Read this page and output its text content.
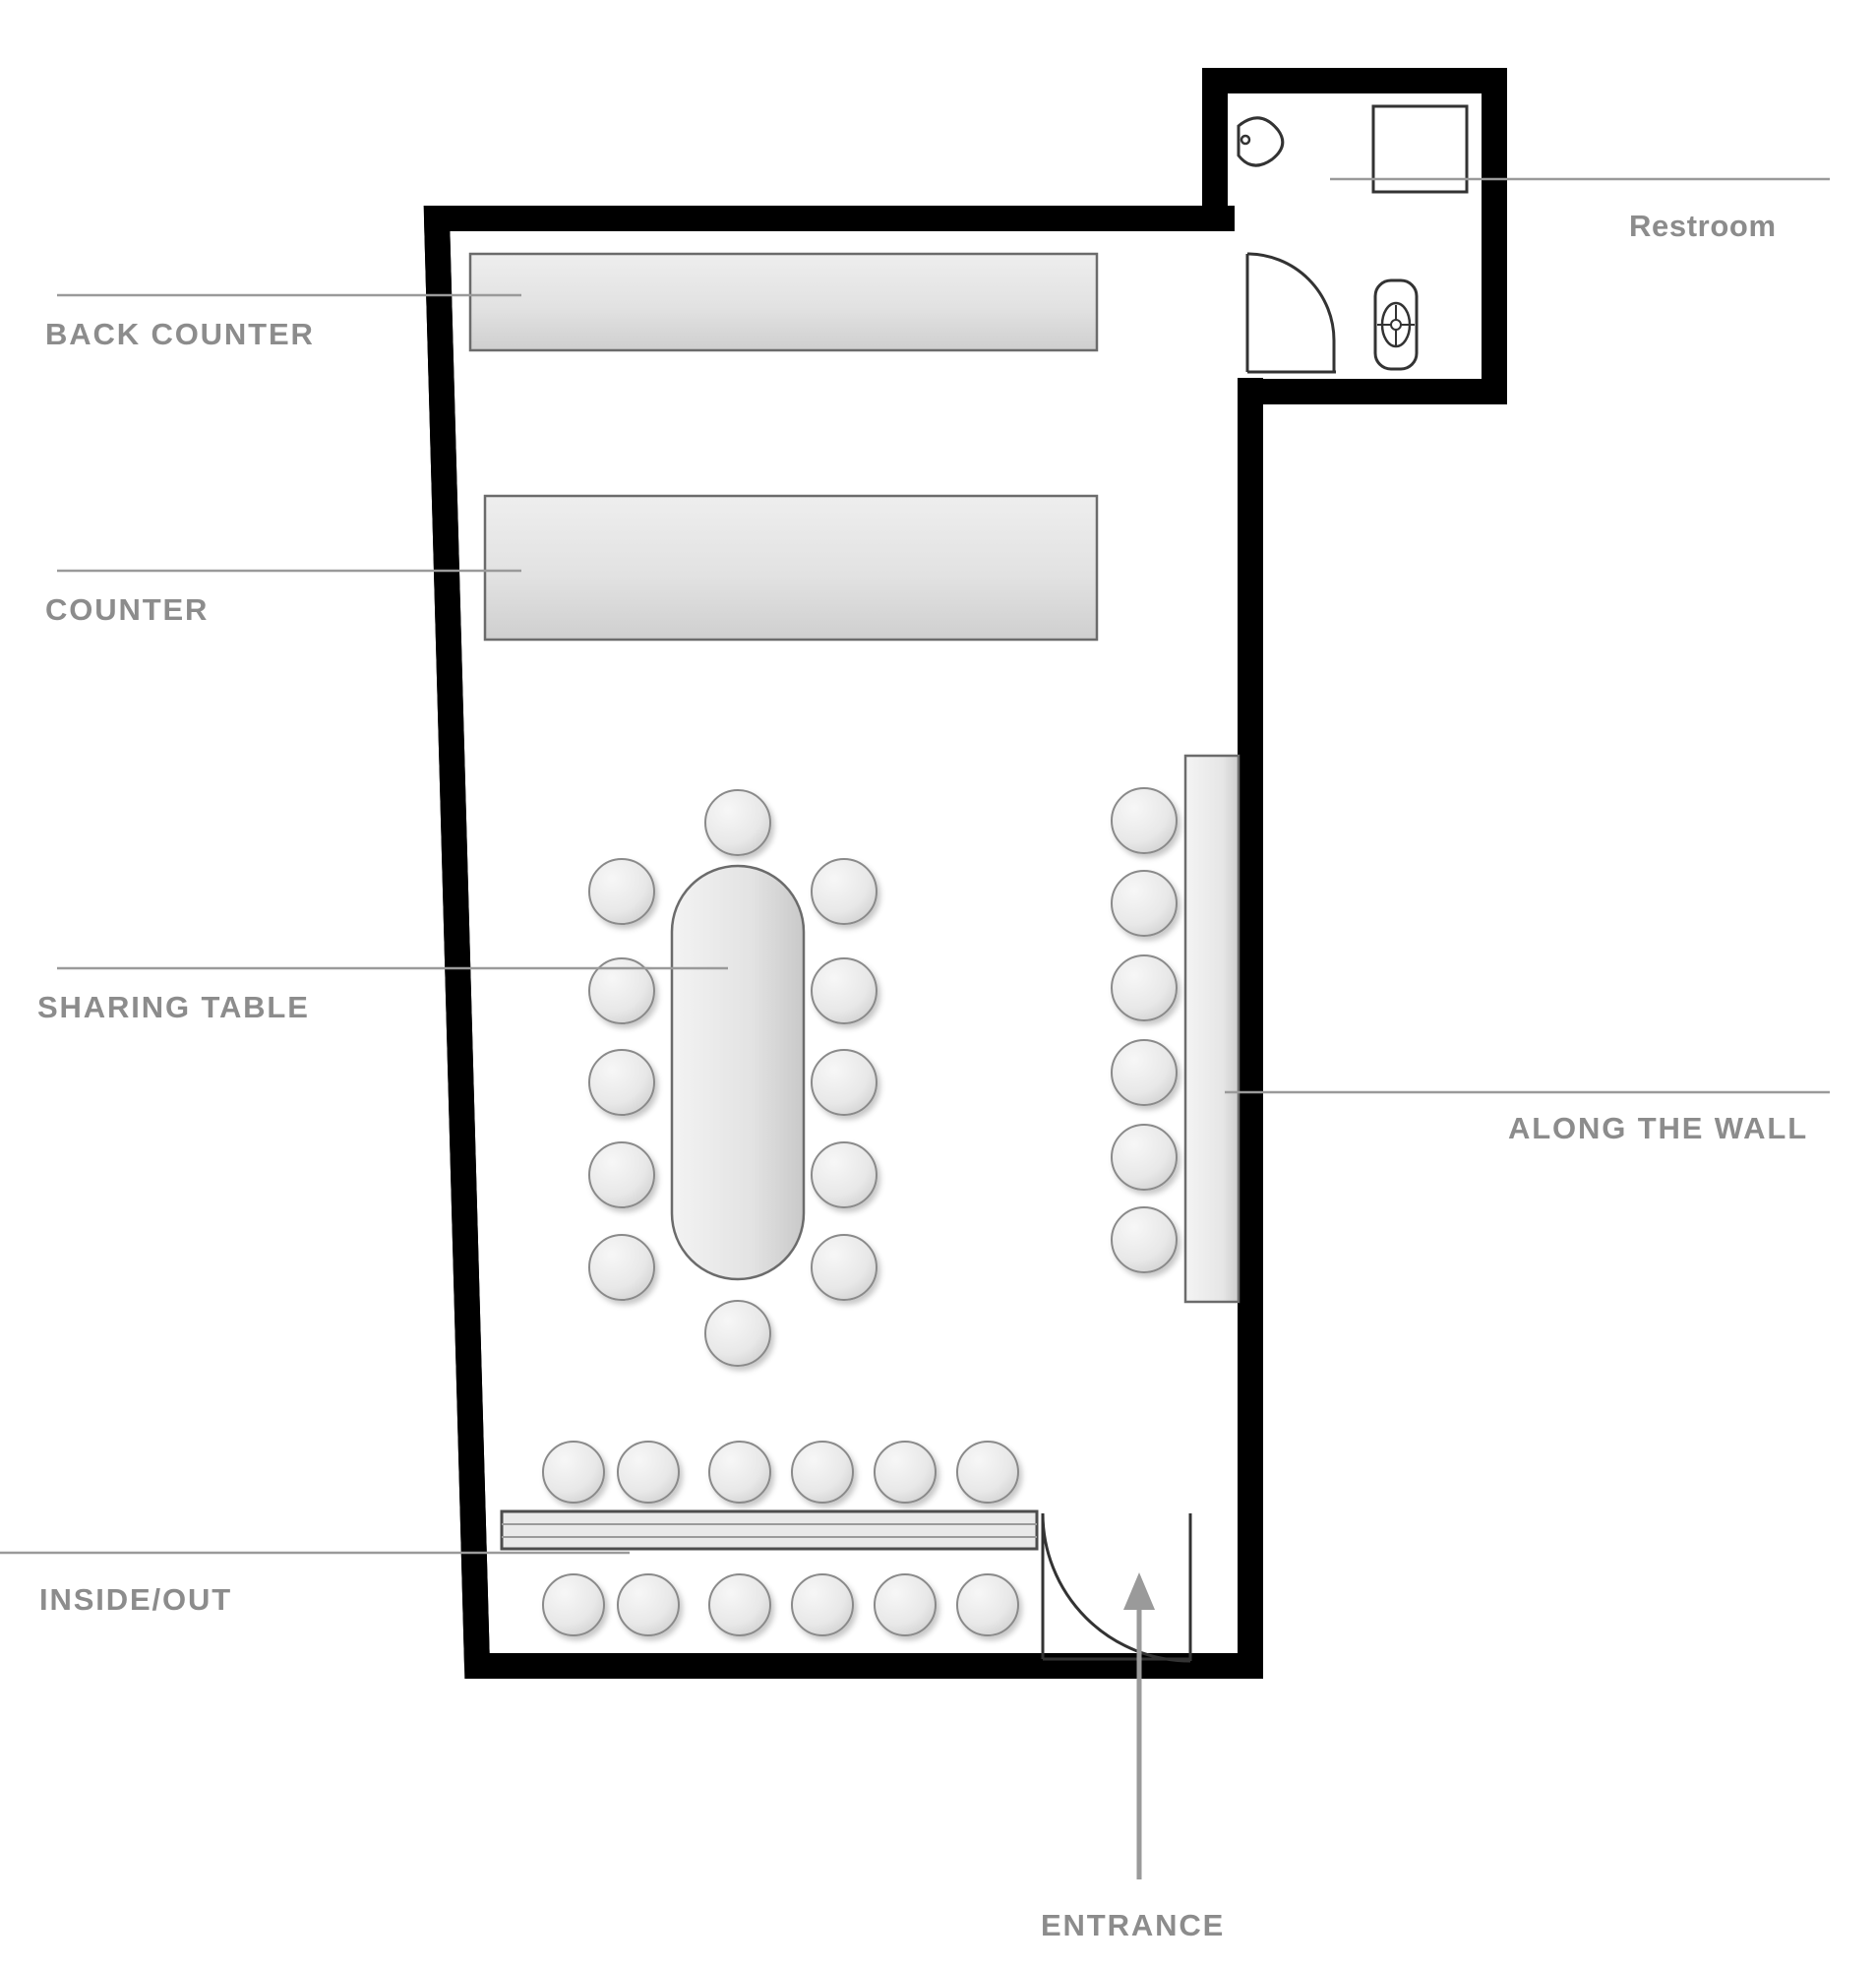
BACK COUNTER
COUNTER
SHARING TABLE
INSIDE/OUT
ALONG THE WALL
Restroom
ENTRANCE
